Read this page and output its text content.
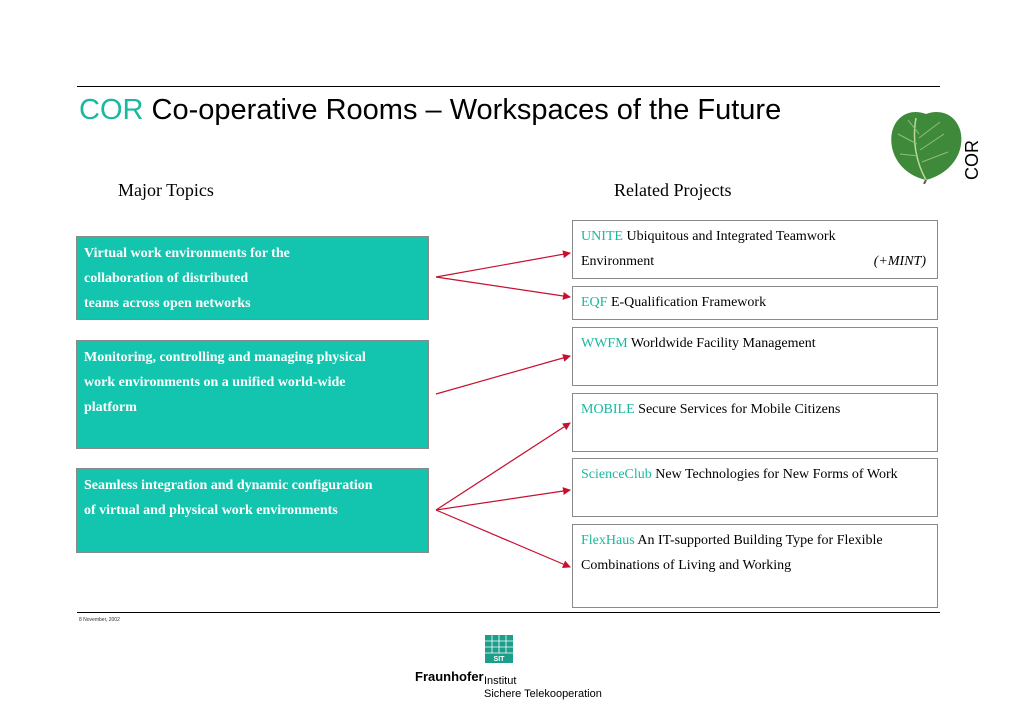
COR Co-operative Rooms – Workspaces of the Future
COR
Major Topics	Related Projects
Virtual work environments for the
collaboration of distributed
teams across open networks
Monitoring, controlling and managing physical
work environments on a unified world-wide
platform
Seamless integration and dynamic configuration
of virtual and physical work environments
UNITE Ubiquitous and Integrated Teamwork Environment	(+MINT)
EQF E-Qualification Framework
WWFM Worldwide Facility Management
MOBILE Secure Services for Mobile Citizens
ScienceClub New Technologies for New Forms of Work
FlexHaus An IT-supported Building Type for Flexible Combinations of Living and Working
8 November, 2002
SIT
Fraunhofer Institut
Sichere Telekooperation
